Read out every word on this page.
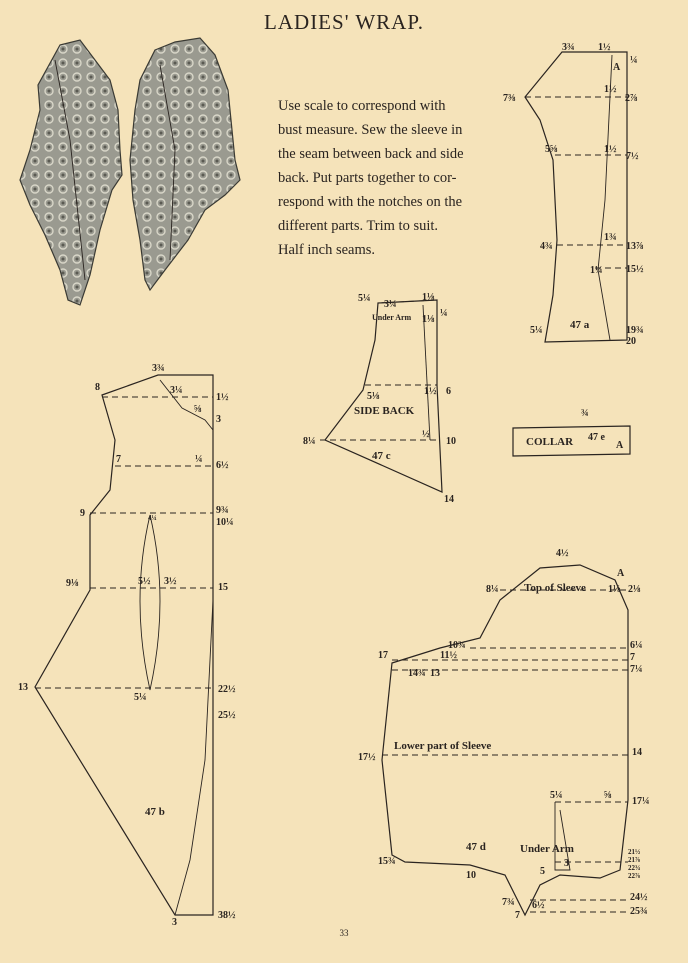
LADIES' WRAP.
Use scale to correspond with
bust measure. Sew the sleeve in
the seam between back and side
back. Put parts together to cor-
respond with the notches on the
different parts. Trim to suit.
Half inch seams.
33
3¾ 1½
¼
7⅜
1½
2⅞
5⅝	1½
7½
1¾
13⅞
4¾
1¼ 15½
5¼	19¾
20
A
47 a
5¼
3¼
1⅛
¼
Under Arm 1⅛
5⅛	1½ 6
8¼
½
10
14
SIDE BACK
47 c
COLLAR 47 e
A
¾
3¾
8	3¼
1½
⅝
3
7	¼
6½
9	9¾
10¼
4¼
9⅛	5½ 3½
15
13
5¼
22½
25½
3
38½
47 b
4½
8¼	1⅛ 2⅛
A
10¾
11½
6¼
7
7¼
17
14¾ 13
17½	14
5¼	⅝
17¼
15¾
10
3
5
21½
21⅞
22¾
22⅞
7¾ 6½
7
24½
25¾
Top of Sleeve
Lower part of Sleeve
Under Arm
47 d
